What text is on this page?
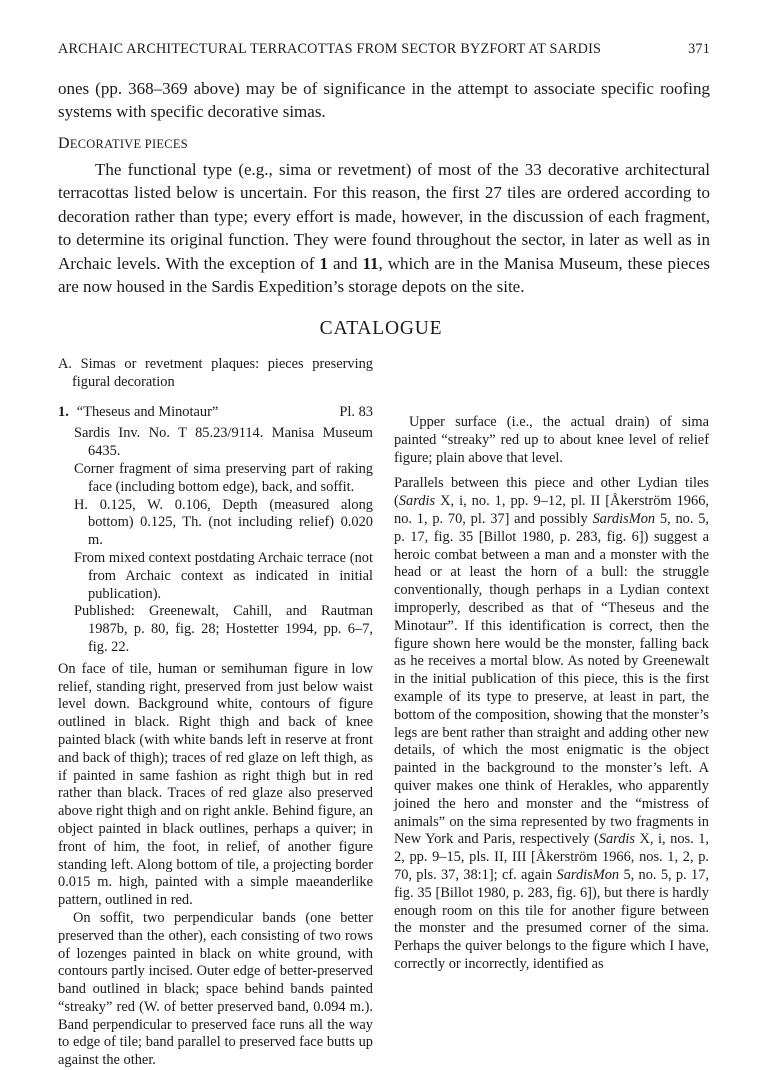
ARCHAIC ARCHITECTURAL TERRACOTTAS FROM SECTOR BYZFORT AT SARDIS	371

ones (pp. 368–369 above) may be of significance in the attempt to associate specific roofing systems with specific decorative simas.

DECORATIVE PIECES

The functional type (e.g., sima or revetment) of most of the 33 decorative architectural terracottas listed below is uncertain. For this reason, the first 27 tiles are ordered according to decoration rather than type; every effort is made, however, in the discussion of each fragment, to determine its original function. They were found throughout the sector, in later as well as in Archaic levels. With the exception of 1 and 11, which are in the Manisa Museum, these pieces are now housed in the Sardis Expedition’s storage depots on the site.

CATALOGUE

A. Simas or revetment plaques: pieces preserving figural decoration

1. “Theseus and Minotaur”	Pl. 83

Sardis Inv. No. T 85.23/9114. Manisa Museum 6435.

Corner fragment of sima preserving part of raking face (including bottom edge), back, and soffit.

H. 0.125, W. 0.106, Depth (measured along bottom) 0.125, Th. (not including relief) 0.020 m.

From mixed context postdating Archaic terrace (not from Archaic context as indicated in initial publication).

Published: Greenewalt, Cahill, and Rautman 1987b, p. 80, fig. 28; Hostetter 1994, pp. 6–7, fig. 22.

On face of tile, human or semihuman figure in low relief, standing right, preserved from just below waist level down. Background white, contours of figure outlined in black. Right thigh and back of knee painted black (with white bands left in reserve at front and back of thigh); traces of red glaze on left thigh, as if painted in same fashion as right thigh but in red rather than black. Traces of red glaze also preserved above right thigh and on right ankle. Behind figure, an object painted in black outlines, perhaps a quiver; in front of him, the foot, in relief, of another figure standing left. Along bottom of tile, a projecting border 0.015 m. high, painted with a simple maeanderlike pattern, outlined in red.

On soffit, two perpendicular bands (one better preserved than the other), each consisting of two rows of lozenges painted in black on white ground, with contours partly incised. Outer edge of better-preserved band outlined in black; space behind bands painted “streaky” red (W. of better preserved band, 0.094 m.). Band perpendicular to preserved face runs all the way to edge of tile; band parallel to preserved face butts up against the other.

Upper surface (i.e., the actual drain) of sima painted “streaky” red up to about knee level of relief figure; plain above that level.

Parallels between this piece and other Lydian tiles (Sardis X, i, no. 1, pp. 9–12, pl. II [Åkerström 1966, no. 1, p. 70, pl. 37] and possibly SardisMon 5, no. 5, p. 17, fig. 35 [Billot 1980, p. 283, fig. 6]) suggest a heroic combat between a man and a monster with the head or at least the horn of a bull: the struggle conventionally, though perhaps in a Lydian context improperly, described as that of “Theseus and the Minotaur”. If this identification is correct, then the figure shown here would be the monster, falling back as he receives a mortal blow. As noted by Greenewalt in the initial publication of this piece, this is the first example of its type to preserve, at least in part, the bottom of the composition, showing that the monster’s legs are bent rather than straight and adding other new details, of which the most enigmatic is the object painted in the background to the monster’s left. A quiver makes one think of Herakles, who apparently joined the hero and monster and the “mistress of animals” on the sima represented by two fragments in New York and Paris, respectively (Sardis X, i, nos. 1, 2, pp. 9–15, pls. II, III [Åkerström 1966, nos. 1, 2, p. 70, pls. 37, 38:1]; cf. again SardisMon 5, no. 5, p. 17, fig. 35 [Billot 1980, p. 283, fig. 6]), but there is hardly enough room on this tile for another figure between the monster and the presumed corner of the sima. Perhaps the quiver belongs to the figure which I have, correctly or incorrectly, identified as
